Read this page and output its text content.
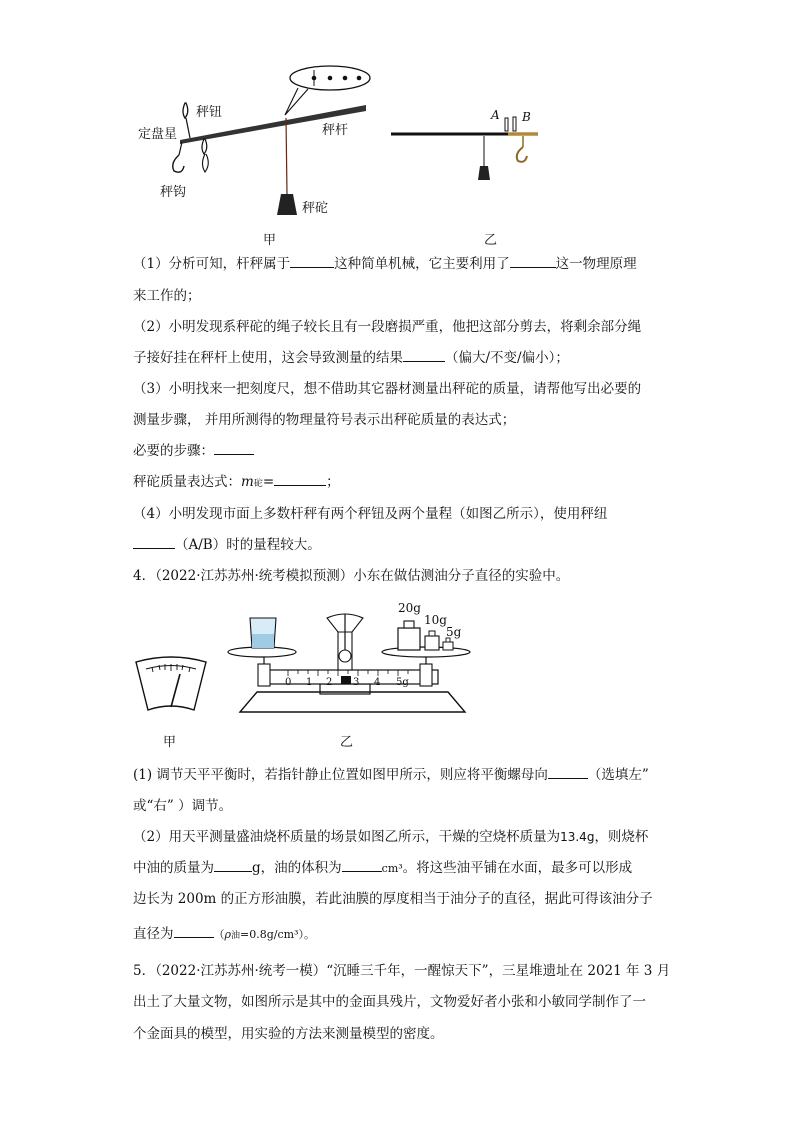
秤钮
定盘星	秤杆
秤钩
秤砣
甲
A B
乙
（1）分析可知，杆秤属于	这种简单机械，它主要利用了	这一物理原理
来工作的；
（2）小明发现系秤砣的绳子较长且有一段磨损严重，他把这部分剪去，将剩余部分绳
子接好挂在秤杆上使用，这会导致测量的结果	（偏大/不变/偏小）；
（3）小明找来一把刻度尺，想不借助其它器材测量出秤砣的质量，请帮他写出必要的
测量步骤， 并用所测得的物理量符号表示出秤砣质量的表达式；
必要的步骤：
秤砣质量表达式：m砣=	；
（4）小明发现市面上多数杆秤有两个秤钮及两个量程（如图乙所示），使用秤纽
（A/B）时的量程较大。
4．（2022·江苏苏州·统考模拟预测）小东在做估测油分子直径的实验中。
甲
20g
10g
5g
0 1 2 3 4 5g
乙
(1) 调节天平平衡时，若指针静止位置如图甲所示，则应将平衡螺母向	（选填左”
或“右” ）调节。
（2）用天平测量盛油烧杯质量的场景如图乙所示，干燥的空烧杯质量为13.4g，则烧杯
中油的质量为	g，油的体积为	cm³。将这些油平铺在水面，最多可以形成
边长为 200m 的正方形油膜，若此油膜的厚度相当于油分子的直径，据此可得该油分子
直径为	（ρ油=0.8g/cm³）。
5．（2022·江苏苏州·统考一模）“沉睡三千年，一醒惊天下”，三星堆遗址在 2021 年 3 月
出土了大量文物，如图所示是其中的金面具残片，文物爱好者小张和小敏同学制作了一
个金面具的模型，用实验的方法来测量模型的密度。
